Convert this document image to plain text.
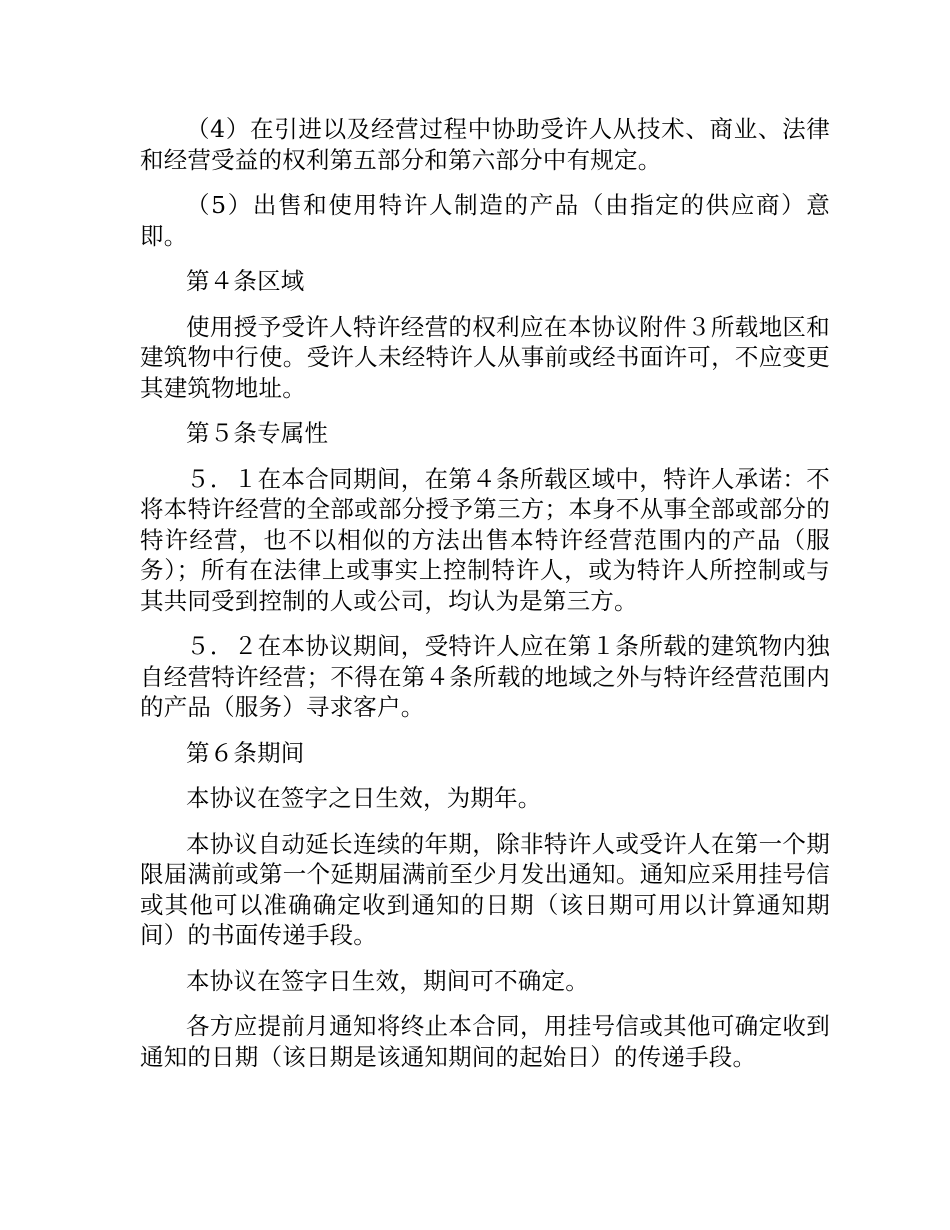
（4）在引进以及经营过程中协助受许人从技术、商业、法律和经营受益的权利第五部分和第六部分中有规定。

（5）出售和使用特许人制造的产品（由指定的供应商）意即。

第４条区域

使用授予受许人特许经营的权利应在本协议附件３所载地区和建筑物中行使。受许人未经特许人从事前或经书面许可，不应变更其建筑物地址。

第５条专属性

５．１在本合同期间，在第４条所载区域中，特许人承诺：不将本特许经营的全部或部分授予第三方；本身不从事全部或部分的特许经营，也不以相似的方法出售本特许经营范围内的产品（服务）；所有在法律上或事实上控制特许人，或为特许人所控制或与其共同受到控制的人或公司，均认为是第三方。

５．２在本协议期间，受特许人应在第１条所载的建筑物内独自经营特许经营；不得在第４条所载的地域之外与特许经营范围内的产品（服务）寻求客户。

第６条期间

本协议在签字之日生效，为期年。

本协议自动延长连续的年期，除非特许人或受许人在第一个期限届满前或第一个延期届满前至少月发出通知。通知应采用挂号信或其他可以准确确定收到通知的日期（该日期可用以计算通知期间）的书面传递手段。

本协议在签字日生效，期间可不确定。

各方应提前月通知将终止本合同，用挂号信或其他可确定收到通知的日期（该日期是该通知期间的起始日）的传递手段。
